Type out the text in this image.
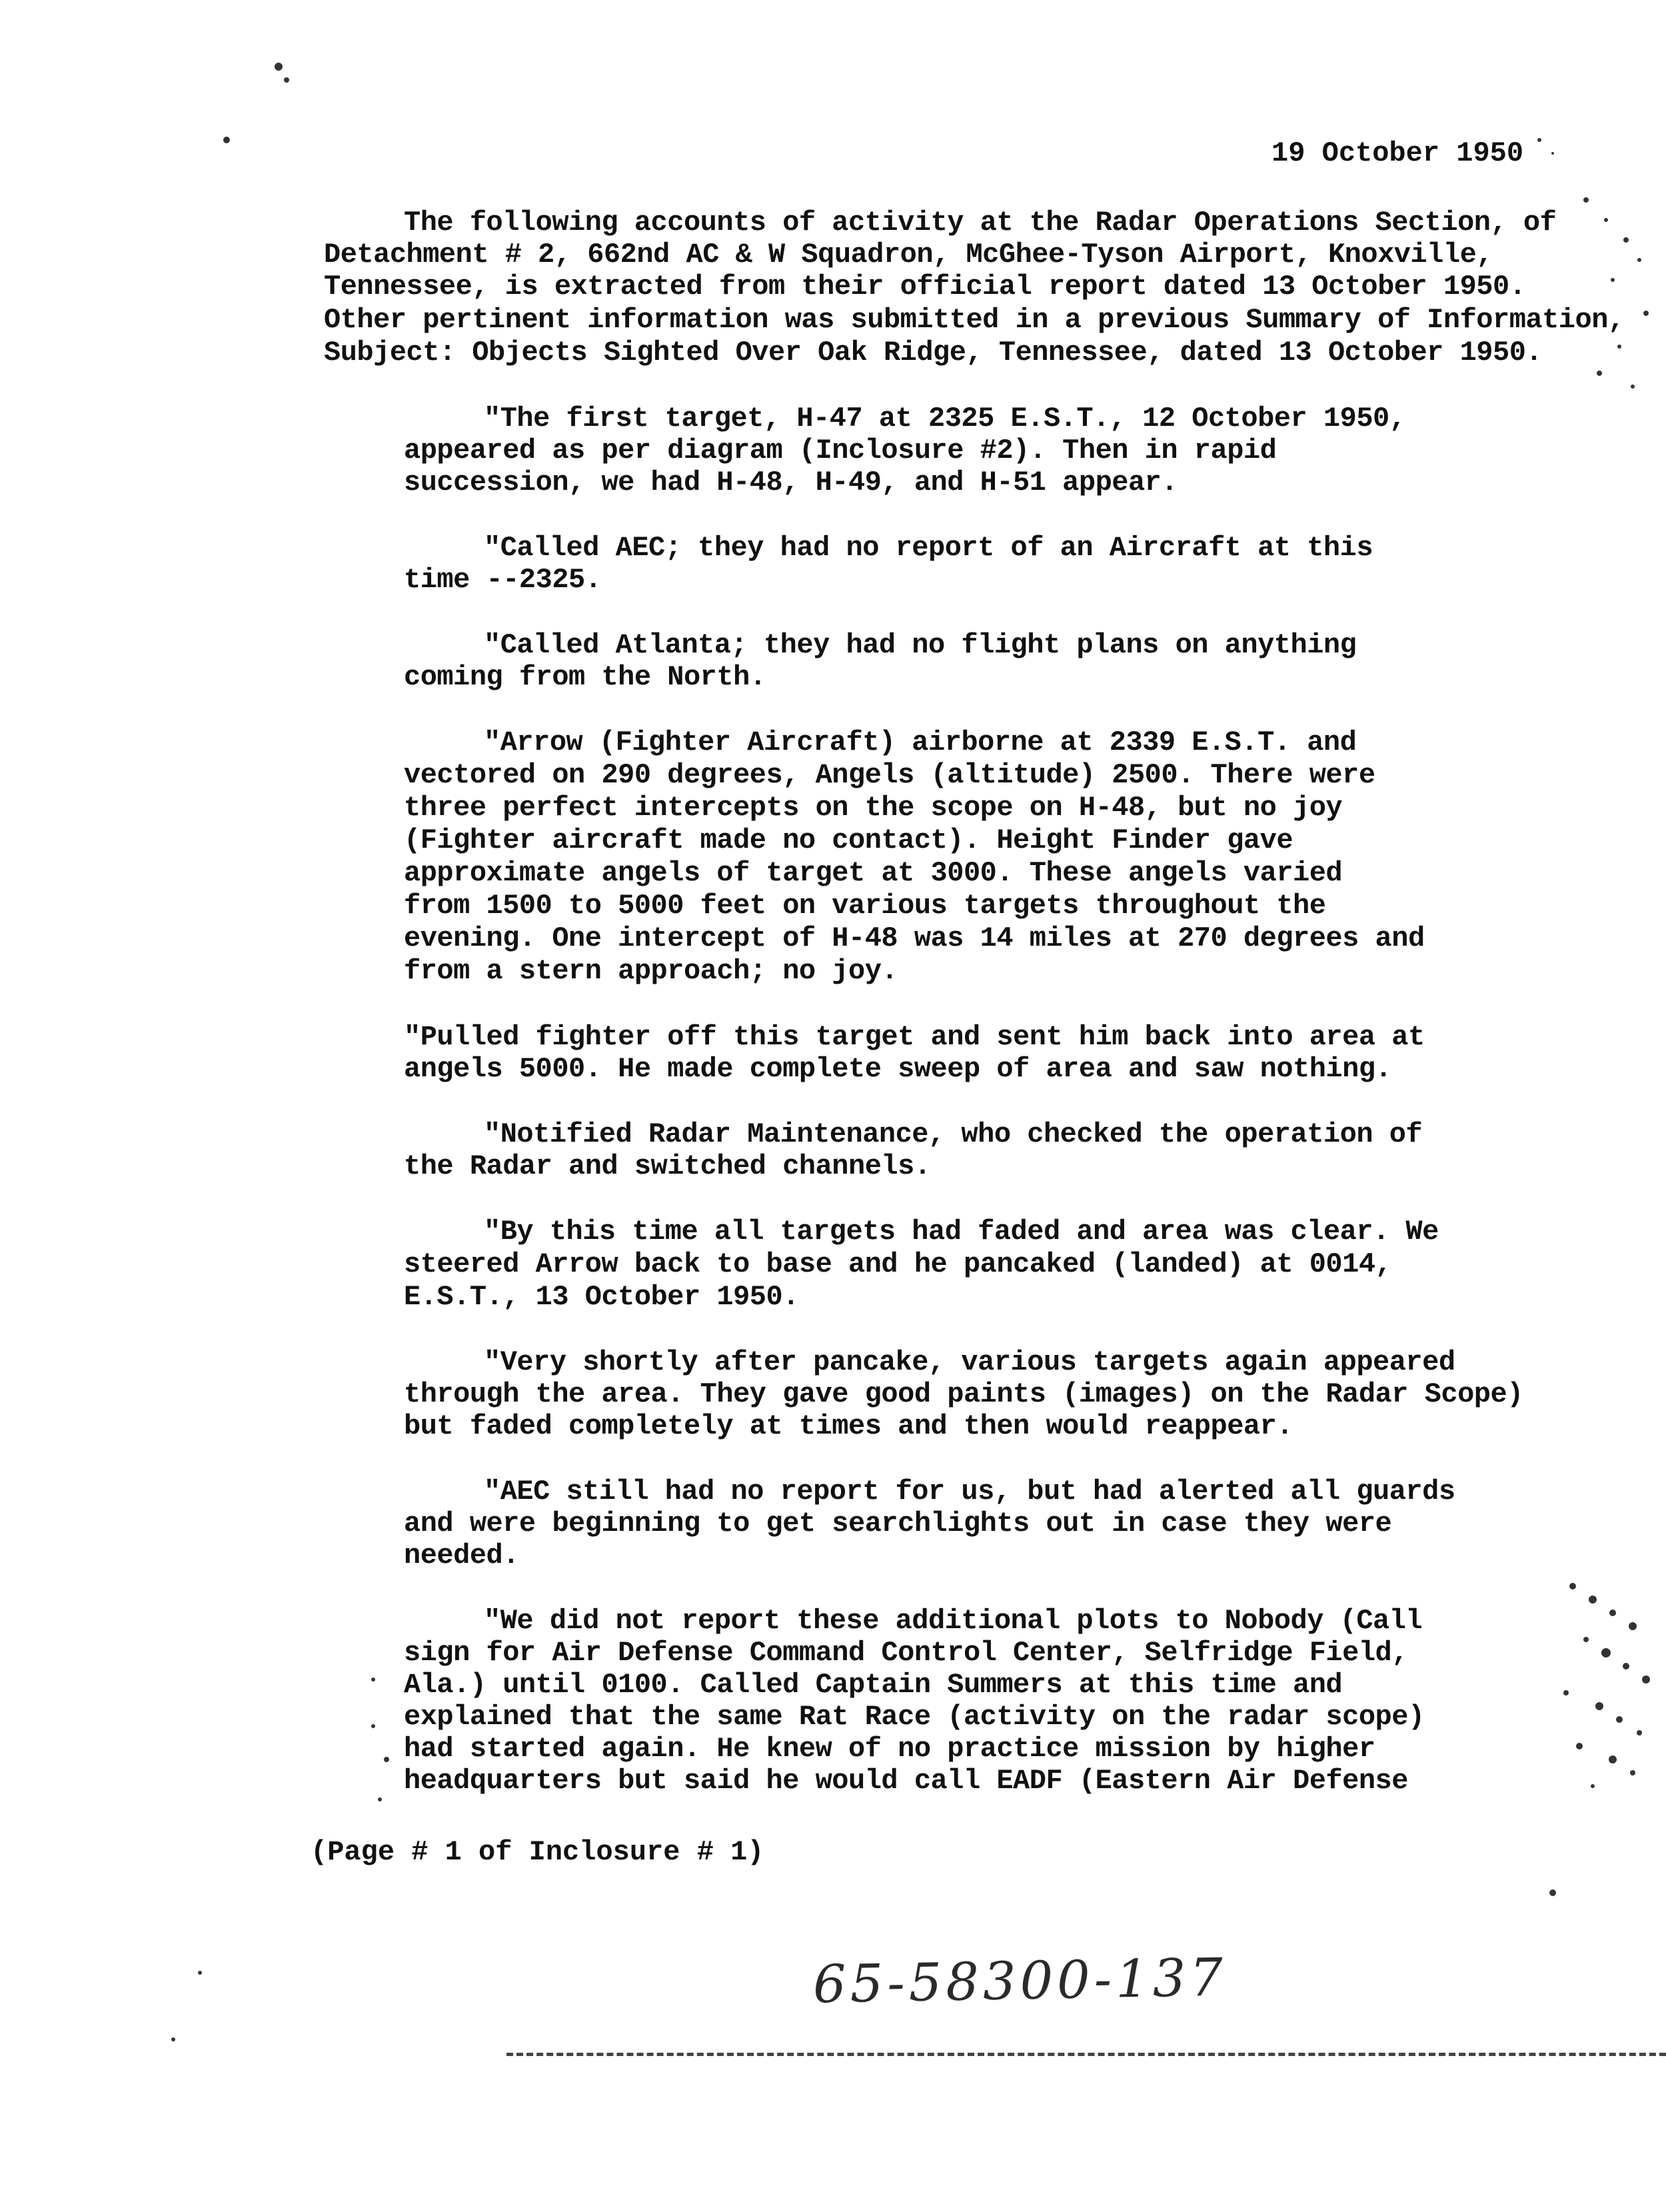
19 October 1950
The following accounts of activity at the Radar Operations Section, of
Detachment # 2, 662nd AC & W Squadron, McGhee-Tyson Airport, Knoxville,
Tennessee, is extracted from their official report dated 13 October 1950.
Other pertinent information was submitted in a previous Summary of Information,
Subject: Objects Sighted Over Oak Ridge, Tennessee, dated 13 October 1950.
"The first target, H-47 at 2325 E.S.T., 12 October 1950,
appeared as per diagram (Inclosure #2). Then in rapid
succession, we had H-48, H-49, and H-51 appear.
"Called AEC; they had no report of an Aircraft at this
time --2325.
"Called Atlanta; they had no flight plans on anything
coming from the North.
"Arrow (Fighter Aircraft) airborne at 2339 E.S.T. and
vectored on 290 degrees, Angels (altitude) 2500. There were
three perfect intercepts on the scope on H-48, but no joy
(Fighter aircraft made no contact). Height Finder gave
approximate angels of target at 3000. These angels varied
from 1500 to 5000 feet on various targets throughout the
evening. One intercept of H-48 was 14 miles at 270 degrees and
from a stern approach; no joy.
"Pulled fighter off this target and sent him back into area at
angels 5000. He made complete sweep of area and saw nothing.
"Notified Radar Maintenance, who checked the operation of
the Radar and switched channels.
"By this time all targets had faded and area was clear. We
steered Arrow back to base and he pancaked (landed) at 0014,
E.S.T., 13 October 1950.
"Very shortly after pancake, various targets again appeared
through the area. They gave good paints (images) on the Radar Scope)
but faded completely at times and then would reappear.
"AEC still had no report for us, but had alerted all guards
and were beginning to get searchlights out in case they were
needed.
"We did not report these additional plots to Nobody (Call
sign for Air Defense Command Control Center, Selfridge Field,
Ala.) until 0100. Called Captain Summers at this time and
explained that the same Rat Race (activity on the radar scope)
had started again. He knew of no practice mission by higher
headquarters but said he would call EADF (Eastern Air Defense
(Page # 1 of Inclosure # 1)
65-58300-137
